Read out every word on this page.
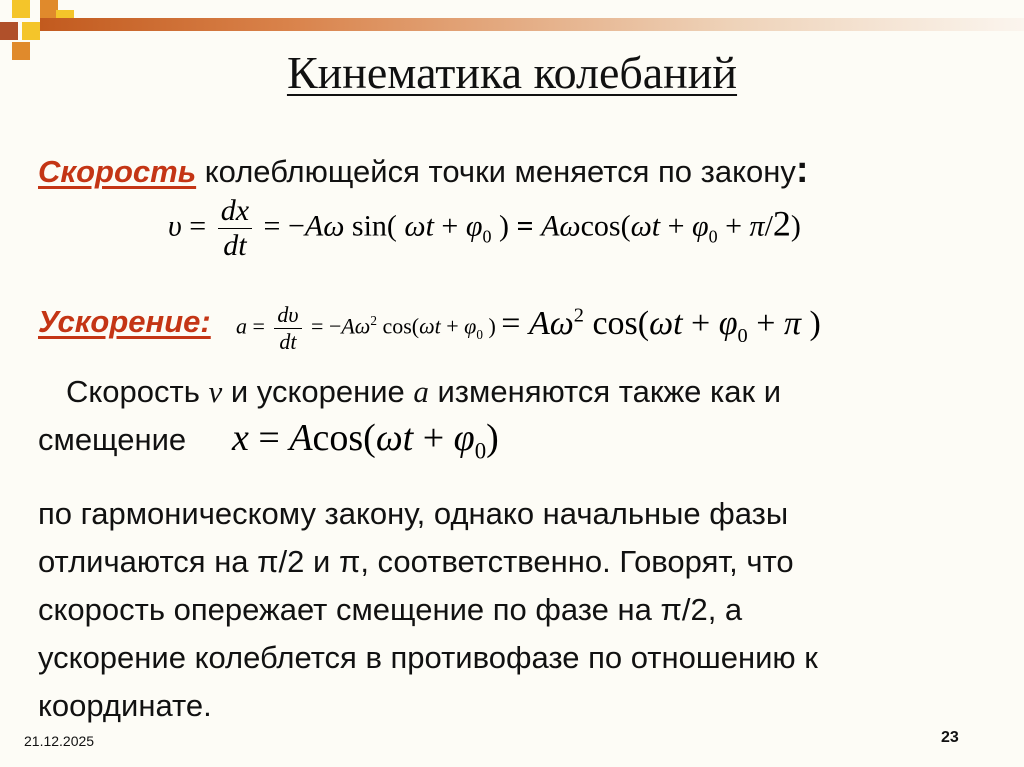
Кинематика колебаний
Скорость колеблющейся точки меняется по закону:
$\upsilon = \frac{dx}{dt} = -A\omega$ sin( $\omega t + \varphi_0$ ) = $A\omega\cos(\omega t + \varphi_0 + \pi/2)$
Ускорение: $a = \frac{d\upsilon}{dt} = -A\omega^2$ $\cos(\omega t + \varphi_0$ ) = $A\omega^2$ $\cos(\omega t + \varphi_0 + \pi$ )
Скорость v и ускорение a изменяются также как и
смещение $x = Acos(\omega t + \varphi_0)$
по гармоническому закону, однако начальные фазы
отличаются на π/2 и π, соответственно. Говорят, что
скорость опережает смещение по фазе на π/2, а
ускорение колеблется в противофазе по отношению к
координате.
21.12.2025	23
